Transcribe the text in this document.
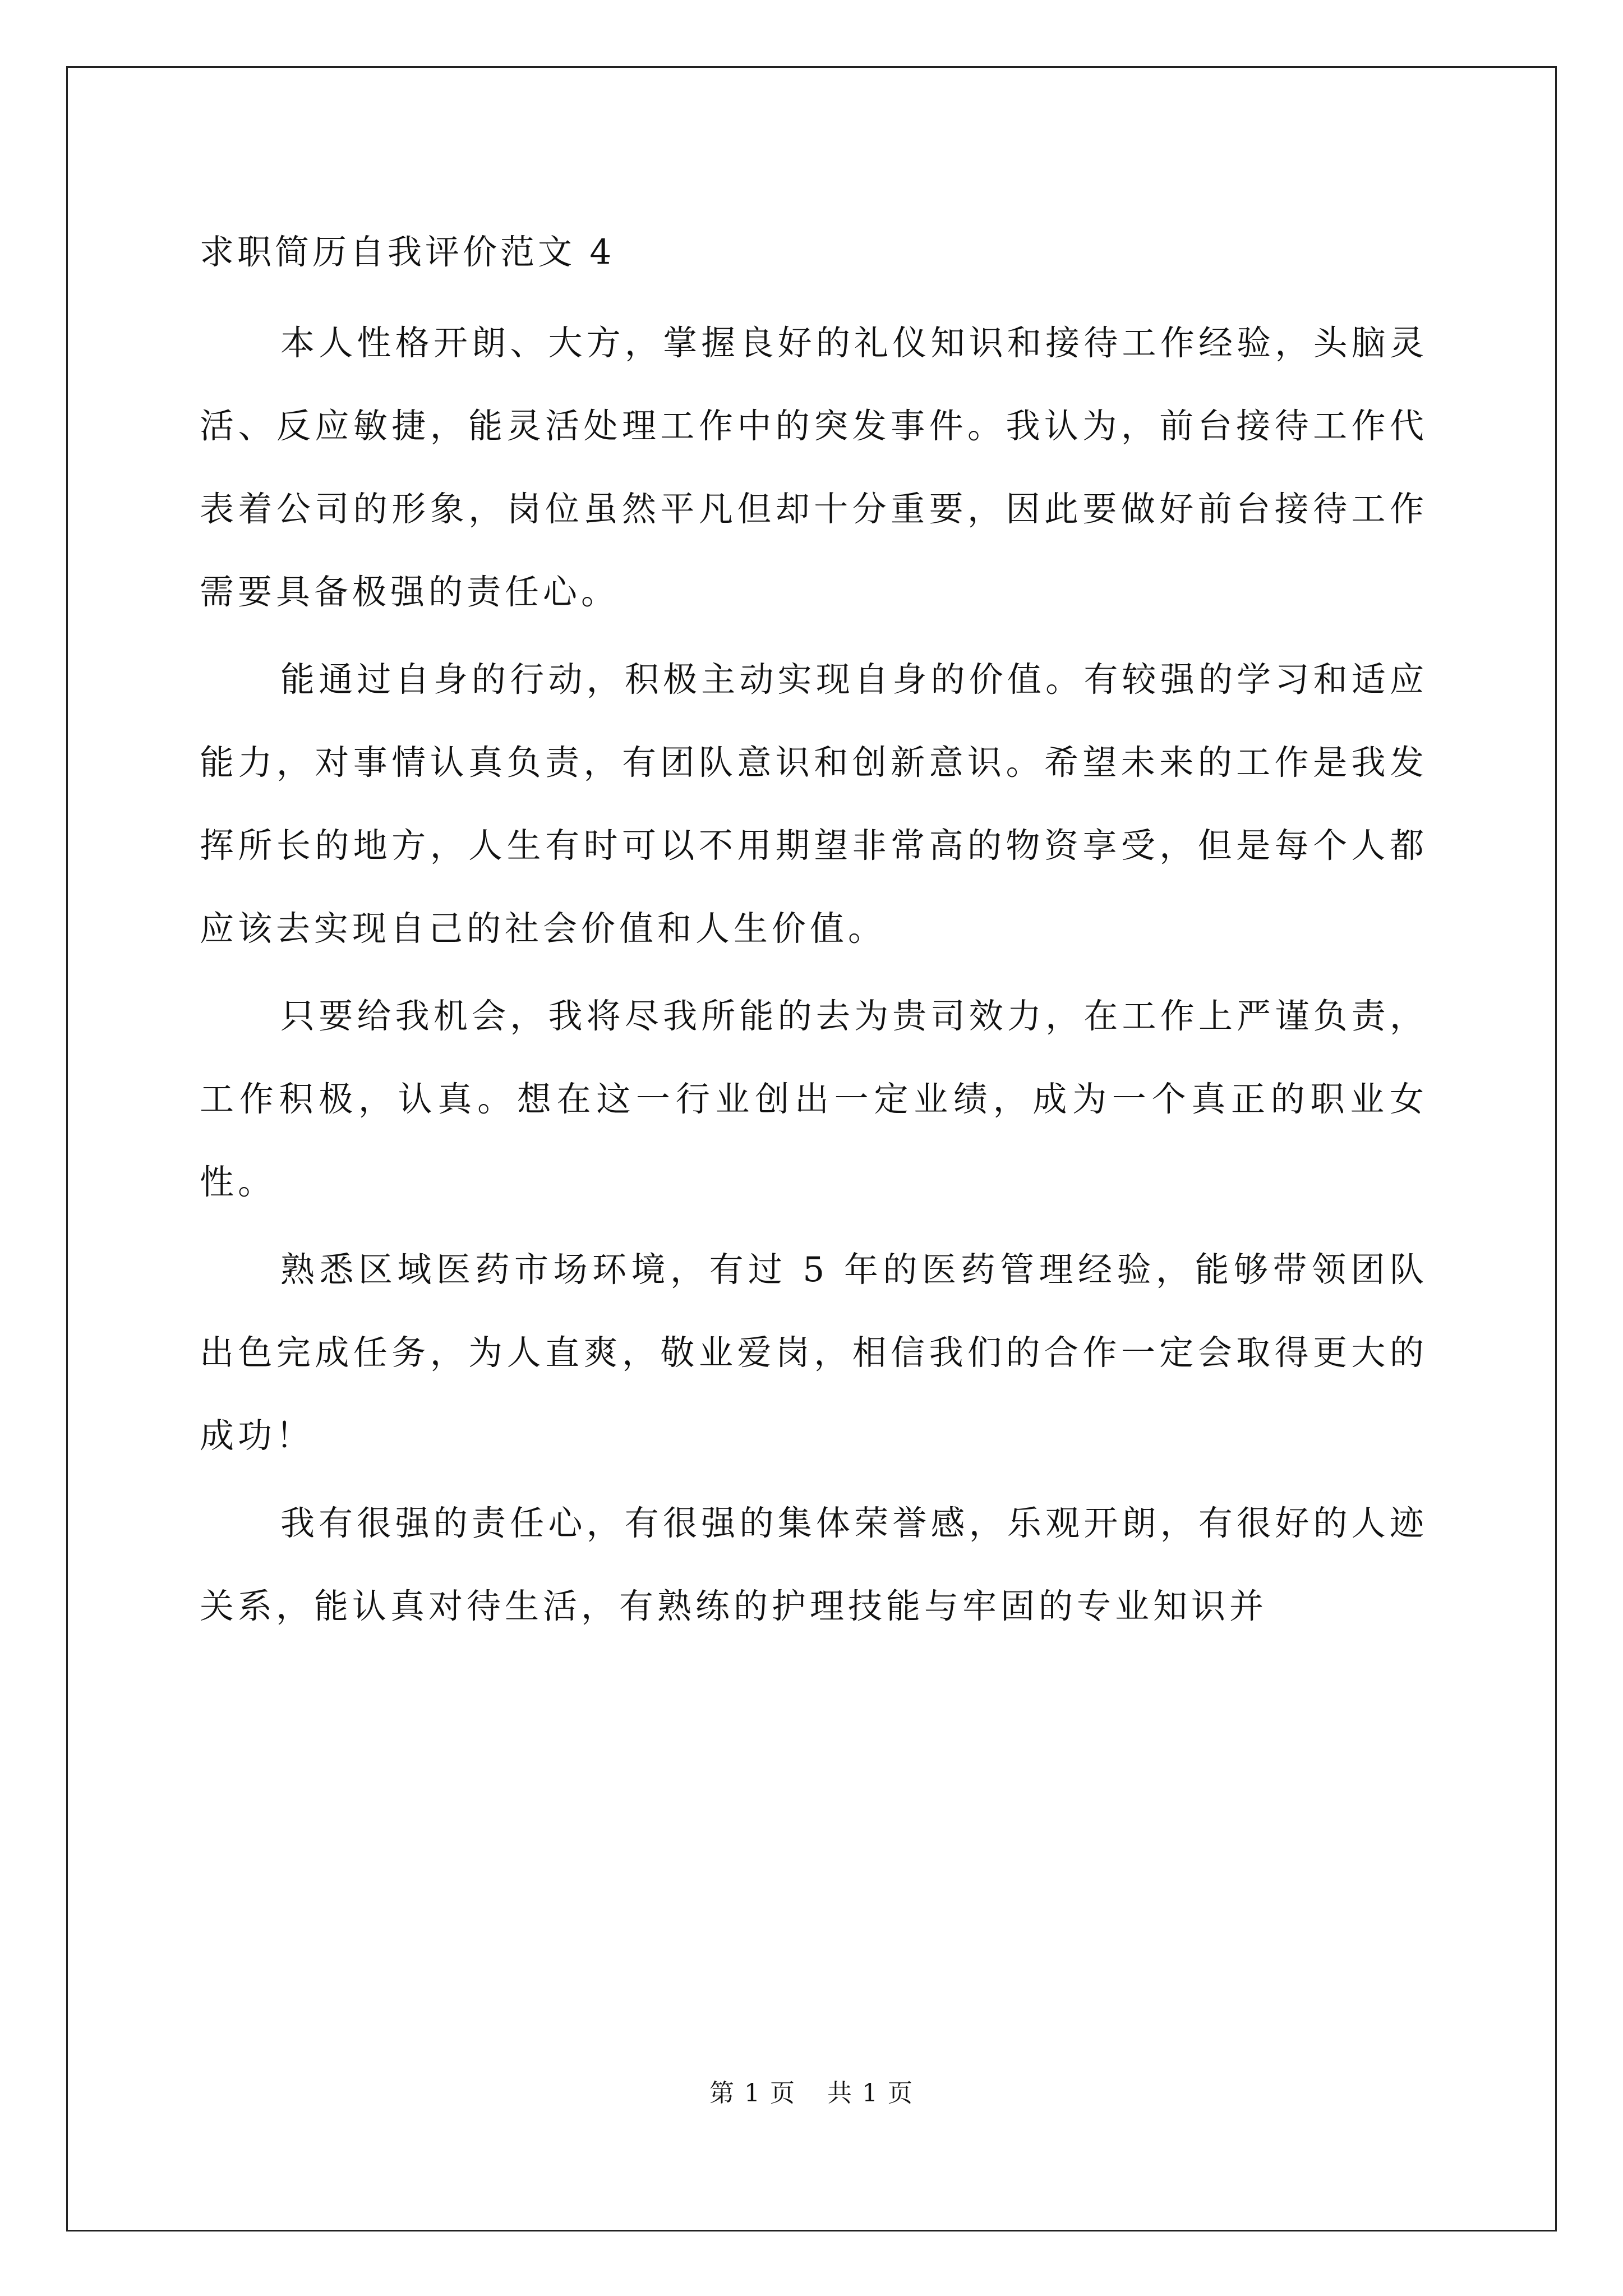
求职简历自我评价范文 4

本人性格开朗、大方，掌握良好的礼仪知识和接待工作经验，头脑灵活、反应敏捷，能灵活处理工作中的突发事件。我认为，前台接待工作代表着公司的形象，岗位虽然平凡但却十分重要，因此要做好前台接待工作需要具备极强的责任心。

能通过自身的行动，积极主动实现自身的价值。有较强的学习和适应能力，对事情认真负责，有团队意识和创新意识。希望未来的工作是我发挥所长的地方，人生有时可以不用期望非常高的物资享受，但是每个人都应该去实现自己的社会价值和人生价值。

只要给我机会，我将尽我所能的去为贵司效力，在工作上严谨负责， 工作积极，认真。想在这一行业创出一定业绩，成为一个真正的职业女性。

熟悉区域医药市场环境，有过 5 年的医药管理经验，能够带领团队出色完成任务，为人直爽，敬业爱岗，相信我们的合作一定会取得更大的成功！

我有很强的责任心，有很强的集体荣誉感，乐观开朗，有很好的人迹关系，能认真对待生活，有熟练的护理技能与牢固的专业知识并

第 1 页 共 1 页
